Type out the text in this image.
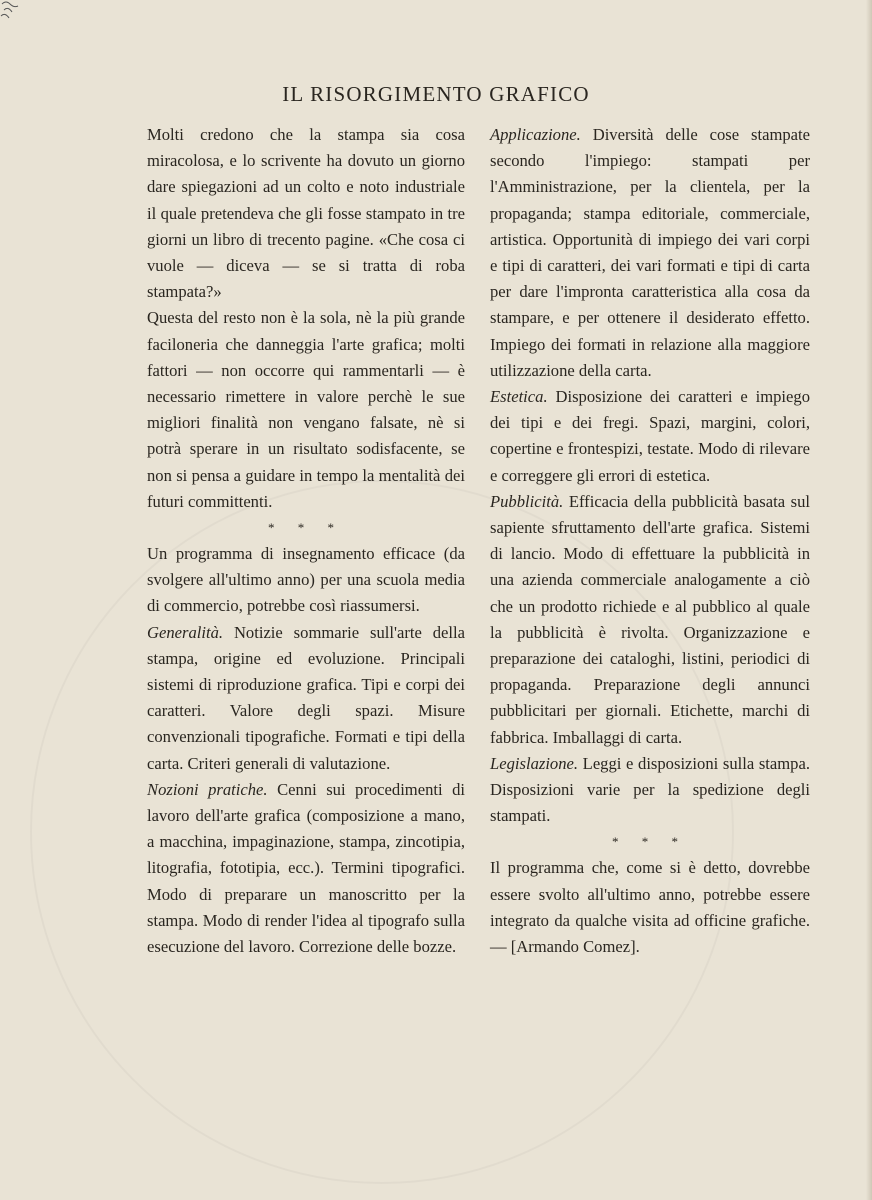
IL RISORGIMENTO GRAFICO

Molti credono che la stampa sia cosa miracolosa, e lo scrivente ha dovuto un giorno dare spiegazioni ad un colto e noto industriale il quale pretendeva che gli fosse stampato in tre giorni un libro di trecento pagine. «Che cosa ci vuole — diceva — se si tratta di roba stampata?»

Questa del resto non è la sola, nè la più grande faciloneria che danneggia l'arte grafica; molti fattori — non occorre qui rammentarli — è necessario rimettere in valore perchè le sue migliori finalità non vengano falsate, nè si potrà sperare in un risultato sodisfacente, se non si pensa a guidare in tempo la mentalità dei futuri committenti.

* * *

Un programma di insegnamento efficace (da svolgere all'ultimo anno) per una scuola media di commercio, potrebbe così riassumersi.

Generalità. Notizie sommarie sull'arte della stampa, origine ed evoluzione. Principali sistemi di riproduzione grafica. Tipi e corpi dei caratteri. Valore degli spazi. Misure convenzionali tipografiche. Formati e tipi della carta. Criteri generali di valutazione.

Nozioni pratiche. Cenni sui procedimenti di lavoro dell'arte grafica (composizione a mano, a macchina, impaginazione, stampa, zincotipia, litografia, fototipia, ecc.). Termini tipografici. Modo di preparare un manoscritto per la stampa. Modo di render l'idea al tipografo sulla esecuzione del lavoro. Correzione delle bozze.

Applicazione. Diversità delle cose stampate secondo l'impiego: stampati per l'Amministrazione, per la clientela, per la propaganda; stampa editoriale, commerciale, artistica. Opportunità di impiego dei vari corpi e tipi di caratteri, dei vari formati e tipi di carta per dare l'impronta caratteristica alla cosa da stampare, e per ottenere il desiderato effetto. Impiego dei formati in relazione alla maggiore utilizzazione della carta.

Estetica. Disposizione dei caratteri e impiego dei tipi e dei fregi. Spazi, margini, colori, copertine e frontespizi, testate. Modo di rilevare e correggere gli errori di estetica.

Pubblicità. Efficacia della pubblicità basata sul sapiente sfruttamento dell'arte grafica. Sistemi di lancio. Modo di effettuare la pubblicità in una azienda commerciale analogamente a ciò che un prodotto richiede e al pubblico al quale la pubblicità è rivolta. Organizzazione e preparazione dei cataloghi, listini, periodici di propaganda. Preparazione degli annunci pubblicitari per giornali. Etichette, marchi di fabbrica. Imballaggi di carta.

Legislazione. Leggi e disposizioni sulla stampa. Disposizioni varie per la spedizione degli stampati.

* * *

Il programma che, come si è detto, dovrebbe essere svolto all'ultimo anno, potrebbe essere integrato da qualche visita ad officine grafiche. — [Armando Comez].
